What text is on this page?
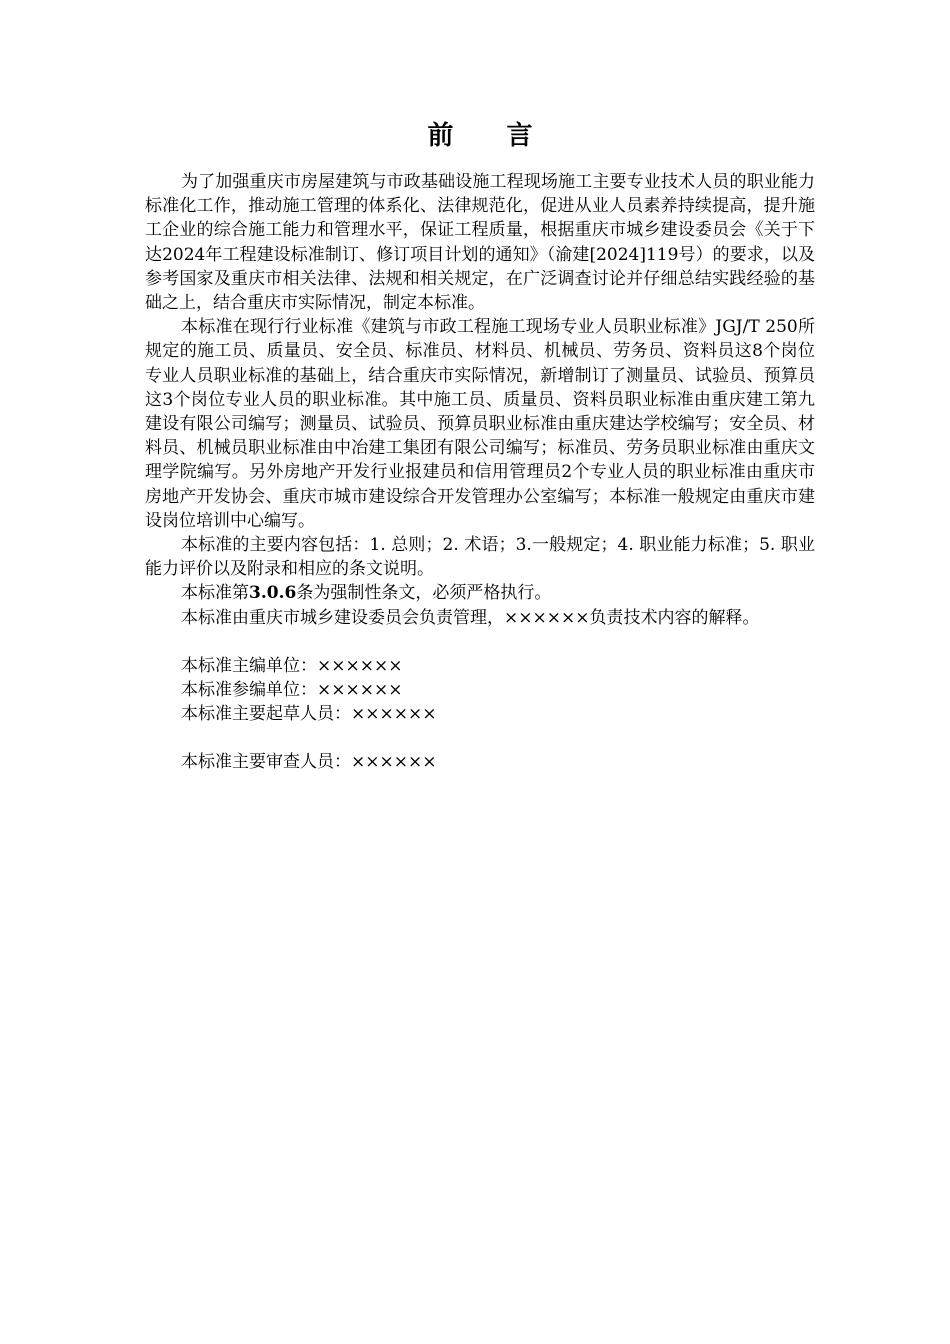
前 言

为了加强重庆市房屋建筑与市政基础设施工程现场施工主要专业技术人员的职业能力标准化工作，推动施工管理的体系化、法律规范化，促进从业人员素养持续提高，提升施工企业的综合施工能力和管理水平，保证工程质量，根据重庆市城乡建设委员会《关于下达2024年工程建设标准制订、修订项目计划的通知》（渝建[2024]119号）的要求，以及参考国家及重庆市相关法律、法规和相关规定，在广泛调查讨论并仔细总结实践经验的基础之上，结合重庆市实际情况，制定本标准。

本标准在现行行业标准《建筑与市政工程施工现场专业人员职业标准》JGJ/T 250所规定的施工员、质量员、安全员、标准员、材料员、机械员、劳务员、资料员这8个岗位专业人员职业标准的基础上，结合重庆市实际情况，新增制订了测量员、试验员、预算员这3个岗位专业人员的职业标准。其中施工员、质量员、资料员职业标准由重庆建工第九建设有限公司编写；测量员、试验员、预算员职业标准由重庆建达学校编写；安全员、材料员、机械员职业标准由中冶建工集团有限公司编写；标准员、劳务员职业标准由重庆文理学院编写。另外房地产开发行业报建员和信用管理员2个专业人员的职业标准由重庆市房地产开发协会、重庆市城市建设综合开发管理办公室编写；本标准一般规定由重庆市建设岗位培训中心编写。

本标准的主要内容包括：1. 总则；2. 术语；3.一般规定；4. 职业能力标准；5. 职业能力评价以及附录和相应的条文说明。

本标准第3.0.6条为强制性条文，必须严格执行。

本标准由重庆市城乡建设委员会负责管理，××××××负责技术内容的解释。

本标准主编单位：××××××

本标准参编单位：××××××

本标准主要起草人员：××××××

本标准主要审查人员：××××××
